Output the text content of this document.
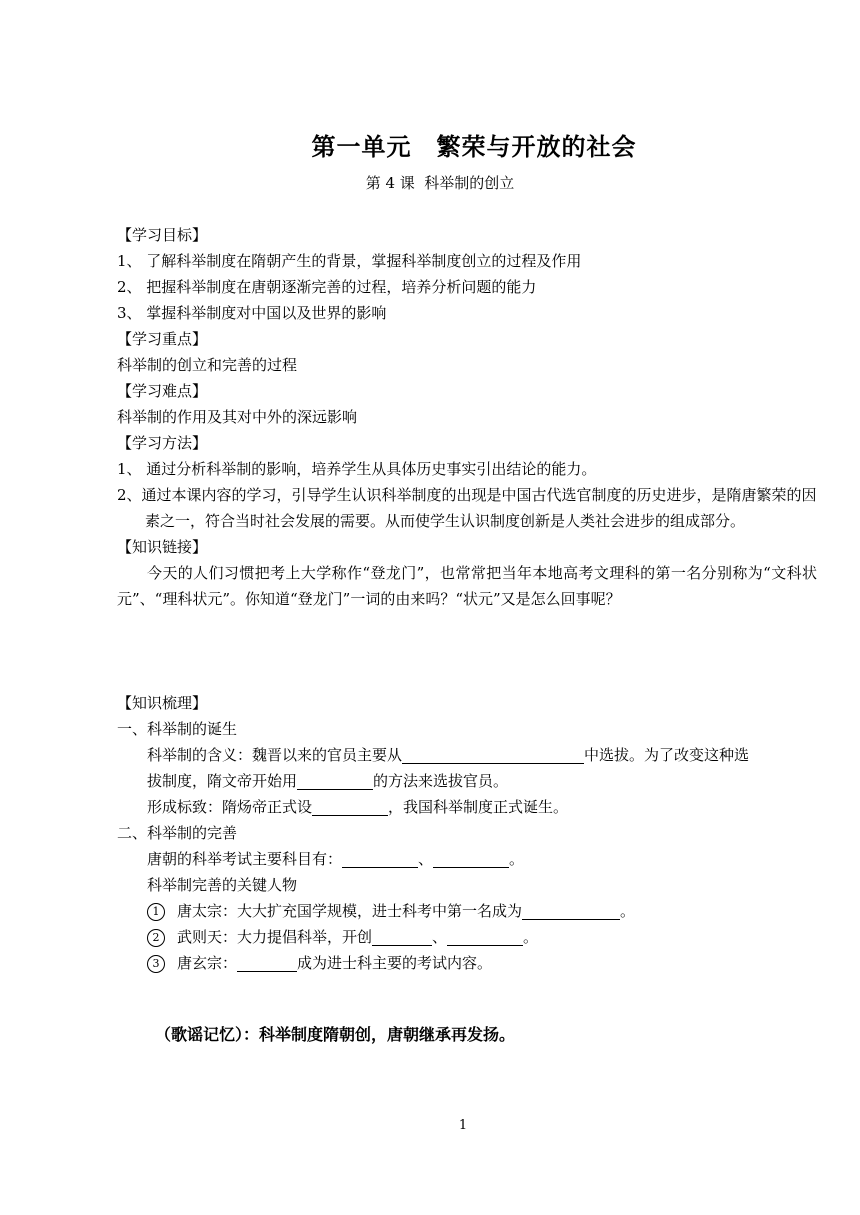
第一单元　繁荣与开放的社会
第 4 课  科举制的创立
【学习目标】
1、 了解科举制度在隋朝产生的背景，掌握科举制度创立的过程及作用
2、 把握科举制度在唐朝逐渐完善的过程，培养分析问题的能力
3、 掌握科举制度对中国以及世界的影响
【学习重点】
科举制的创立和完善的过程
【学习难点】
科举制的作用及其对中外的深远影响
【学习方法】
1、 通过分析科举制的影响，培养学生从具体历史事实引出结论的能力。
2、通过本课内容的学习，引导学生认识科举制度的出现是中国古代选官制度的历史进步，是隋唐繁荣的因素之一，符合当时社会发展的需要。从而使学生认识制度创新是人类社会进步的组成部分。
【知识链接】
今天的人们习惯把考上大学称作“登龙门”，也常常把当年本地高考文理科的第一名分别称为“文科状元”、“理科状元”。你知道“登龙门”一词的由来吗？“状元”又是怎么回事呢？
【知识梳理】
一、科举制的诞生
科举制的含义：魏晋以来的官员主要从	中选拔。为了改变这种选
拔制度，隋文帝开始用	的方法来选拔官员。
形成标致：隋炀帝正式设	，我国科举制度正式诞生。
二、科举制的完善
唐朝的科举考试主要科目有：	、	。
科举制完善的关键人物
1 唐太宗：大大扩充国学规模，进士科考中第一名成为	。
2 武则天：大力提倡科举，开创	、	。
3 唐玄宗：	成为进士科主要的考试内容。
（歌谣记忆）：科举制度隋朝创，唐朝继承再发扬。
1
